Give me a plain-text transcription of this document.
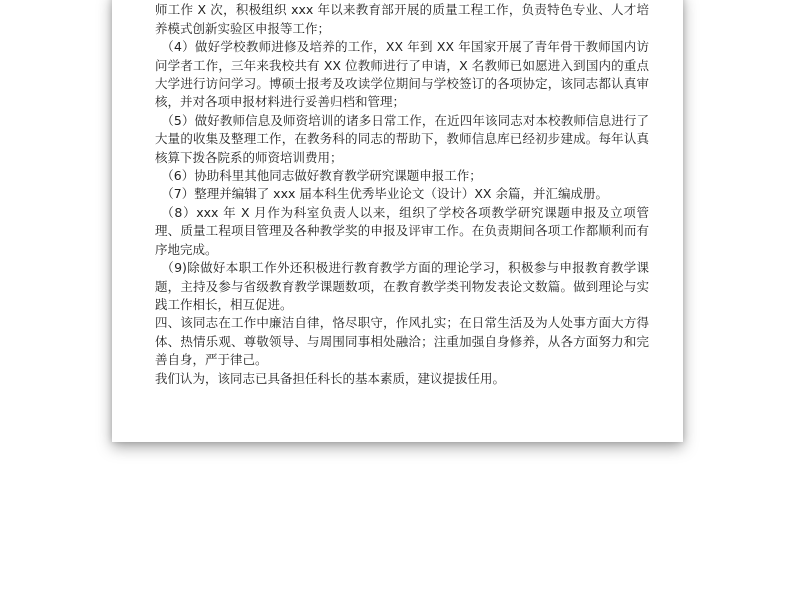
师工作 X 次，积极组织 xxx 年以来教育部开展的质量工程工作，负责特色专业、人才培养模式创新实验区申报等工作；

（4）做好学校教师进修及培养的工作，XX 年到 XX 年国家开展了青年骨干教师国内访问学者工作，三年来我校共有 XX 位教师进行了申请，X 名教师已如愿进入到国内的重点大学进行访问学习。博硕士报考及攻读学位期间与学校签订的各项协定，该同志都认真审核，并对各项申报材料进行妥善归档和管理；

（5）做好教师信息及师资培训的诸多日常工作，在近四年该同志对本校教师信息进行了大量的收集及整理工作，在教务科的同志的帮助下，教师信息库已经初步建成。每年认真核算下拨各院系的师资培训费用；

（6）协助科里其他同志做好教育教学研究课题申报工作；

（7）整理并编辑了 xxx 届本科生优秀毕业论文（设计）XX 余篇，并汇编成册。

（8）xxx 年 X 月作为科室负责人以来，组织了学校各项教学研究课题申报及立项管理、质量工程项目管理及各种教学奖的申报及评审工作。在负责期间各项工作都顺利而有序地完成。

（9)除做好本职工作外还积极进行教育教学方面的理论学习，积极参与申报教育教学课题，主持及参与省级教育教学课题数项，在教育教学类刊物发表论文数篇。做到理论与实践工作相长，相互促进。

四、该同志在工作中廉洁自律，恪尽职守，作风扎实；在日常生活及为人处事方面大方得体、热情乐观、尊敬领导、与周围同事相处融洽；注重加强自身修养，从各方面努力和完善自身，严于律己。

我们认为，该同志已具备担任科长的基本素质，建议提拔任用。
